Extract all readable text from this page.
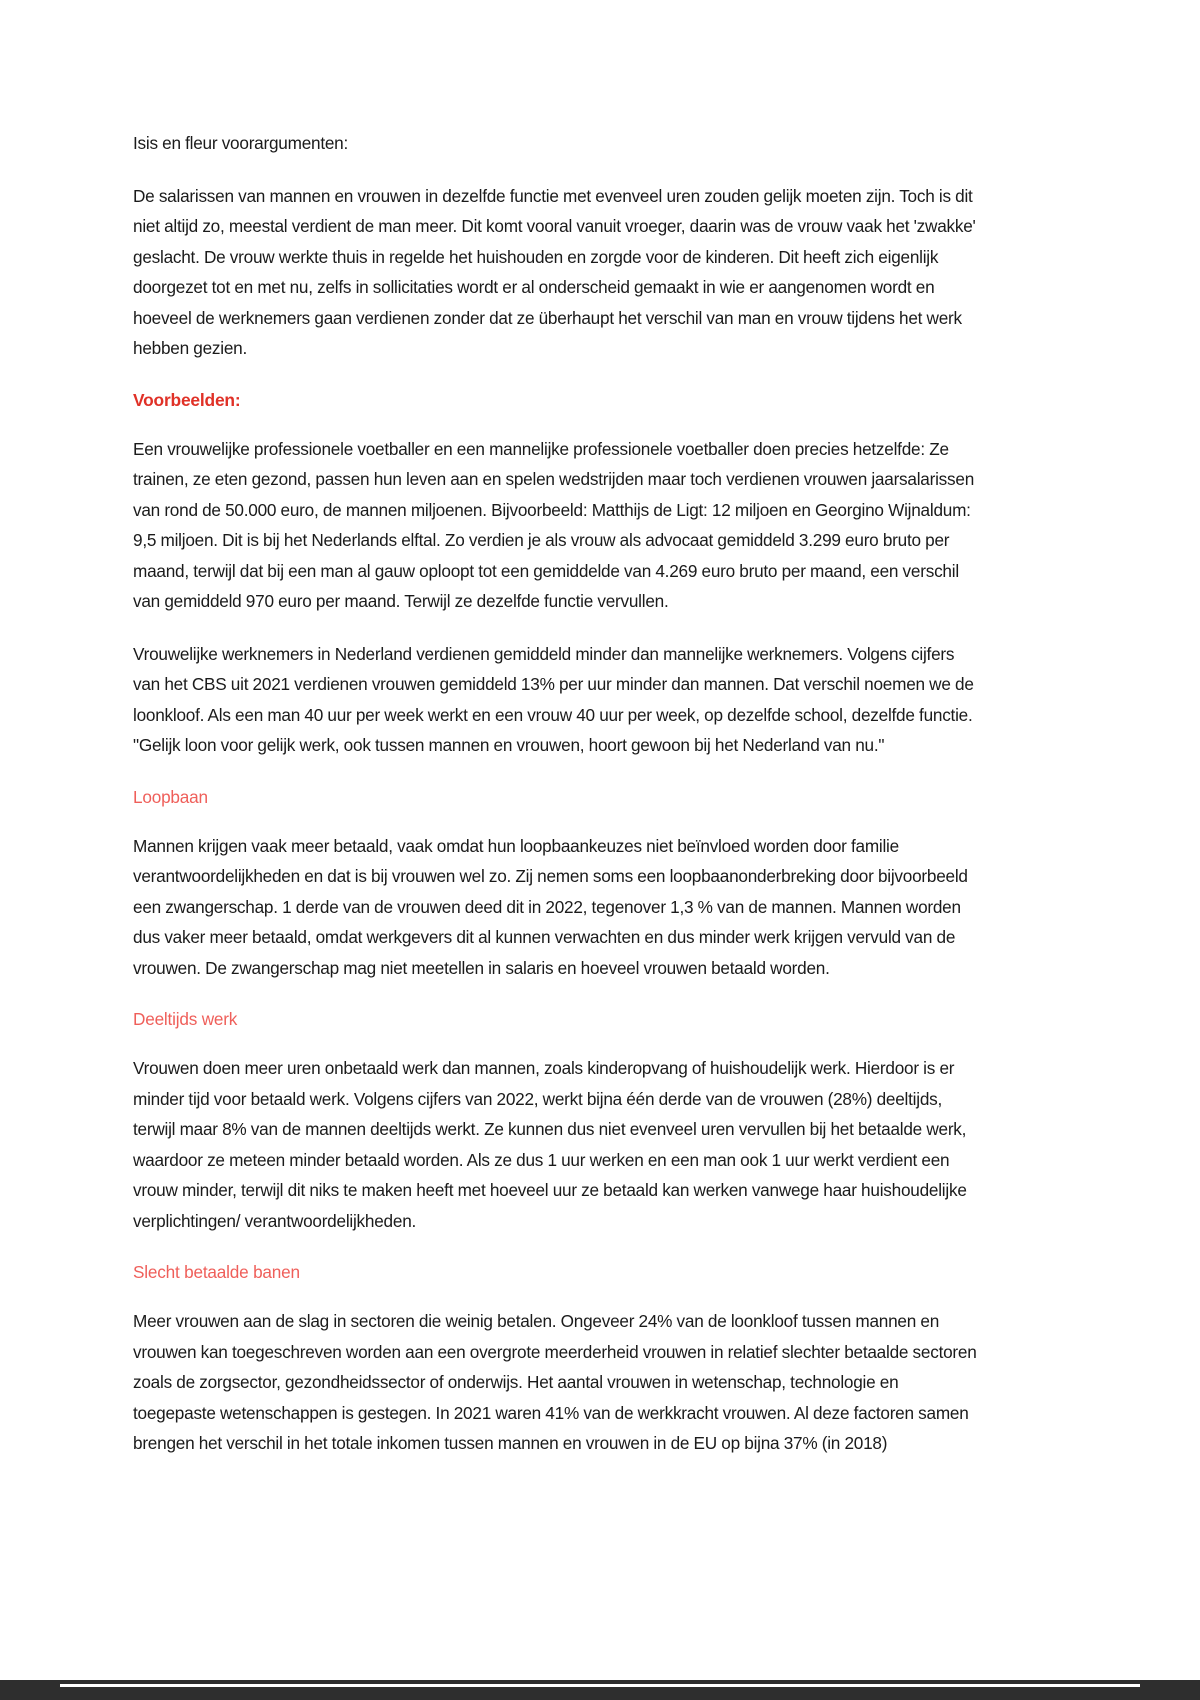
Isis en fleur voorargumenten:

De salarissen van mannen en vrouwen in dezelfde functie met evenveel uren zouden gelijk moeten zijn. Toch is dit niet altijd zo, meestal verdient de man meer. Dit komt vooral vanuit vroeger, daarin was de vrouw vaak het 'zwakke' geslacht. De vrouw werkte thuis in regelde het huishouden en zorgde voor de kinderen. Dit heeft zich eigenlijk doorgezet tot en met nu, zelfs in sollicitaties wordt er al onderscheid gemaakt in wie er aangenomen wordt en hoeveel de werknemers gaan verdienen zonder dat ze überhaupt het verschil van man en vrouw tijdens het werk hebben gezien.

Voorbeelden:

Een vrouwelijke professionele voetballer en een mannelijke professionele voetballer doen precies hetzelfde: Ze trainen, ze eten gezond, passen hun leven aan en spelen wedstrijden maar toch verdienen vrouwen jaarsalarissen van rond de 50.000 euro, de mannen miljoenen. Bijvoorbeeld: Matthijs de Ligt: 12 miljoen en Georgino Wijnaldum: 9,5 miljoen. Dit is bij het Nederlands elftal. Zo verdien je als vrouw als advocaat gemiddeld 3.299 euro bruto per maand, terwijl dat bij een man al gauw oploopt tot een gemiddelde van 4.269 euro bruto per maand, een verschil van gemiddeld 970 euro per maand. Terwijl ze dezelfde functie vervullen.

Vrouwelijke werknemers in Nederland verdienen gemiddeld minder dan mannelijke werknemers. Volgens cijfers van het CBS uit 2021 verdienen vrouwen gemiddeld 13% per uur minder dan mannen. Dat verschil noemen we de loonkloof. Als een man 40 uur per week werkt en een vrouw 40 uur per week, op dezelfde school, dezelfde functie. "Gelijk loon voor gelijk werk, ook tussen mannen en vrouwen, hoort gewoon bij het Nederland van nu."

Loopbaan

Mannen krijgen vaak meer betaald, vaak omdat hun loopbaankeuzes niet beïnvloed worden door familie verantwoordelijkheden en dat is bij vrouwen wel zo. Zij nemen soms een loopbaanonderbreking door bijvoorbeeld een zwangerschap. 1 derde van de vrouwen deed dit in 2022, tegenover 1,3 % van de mannen. Mannen worden dus vaker meer betaald, omdat werkgevers dit al kunnen verwachten en dus minder werk krijgen vervuld van de vrouwen. De zwangerschap mag niet meetellen in salaris en hoeveel vrouwen betaald worden.

Deeltijds werk

Vrouwen doen meer uren onbetaald werk dan mannen, zoals kinderopvang of huishoudelijk werk. Hierdoor is er minder tijd voor betaald werk. Volgens cijfers van 2022, werkt bijna één derde van de vrouwen (28%) deeltijds, terwijl maar 8% van de mannen deeltijds werkt. Ze kunnen dus niet evenveel uren vervullen bij het betaalde werk, waardoor ze meteen minder betaald worden. Als ze dus 1 uur werken en een man ook 1 uur werkt verdient een vrouw minder, terwijl dit niks te maken heeft met hoeveel uur ze betaald kan werken vanwege haar huishoudelijke verplichtingen/ verantwoordelijkheden.

Slecht betaalde banen

Meer vrouwen aan de slag in sectoren die weinig betalen. Ongeveer 24% van de loonkloof tussen mannen en vrouwen kan toegeschreven worden aan een overgrote meerderheid vrouwen in relatief slechter betaalde sectoren zoals de zorgsector, gezondheidssector of onderwijs. Het aantal vrouwen in wetenschap, technologie en toegepaste wetenschappen is gestegen. In 2021 waren 41% van de werkkracht vrouwen. Al deze factoren samen brengen het verschil in het totale inkomen tussen mannen en vrouwen in de EU op bijna 37% (in 2018)
